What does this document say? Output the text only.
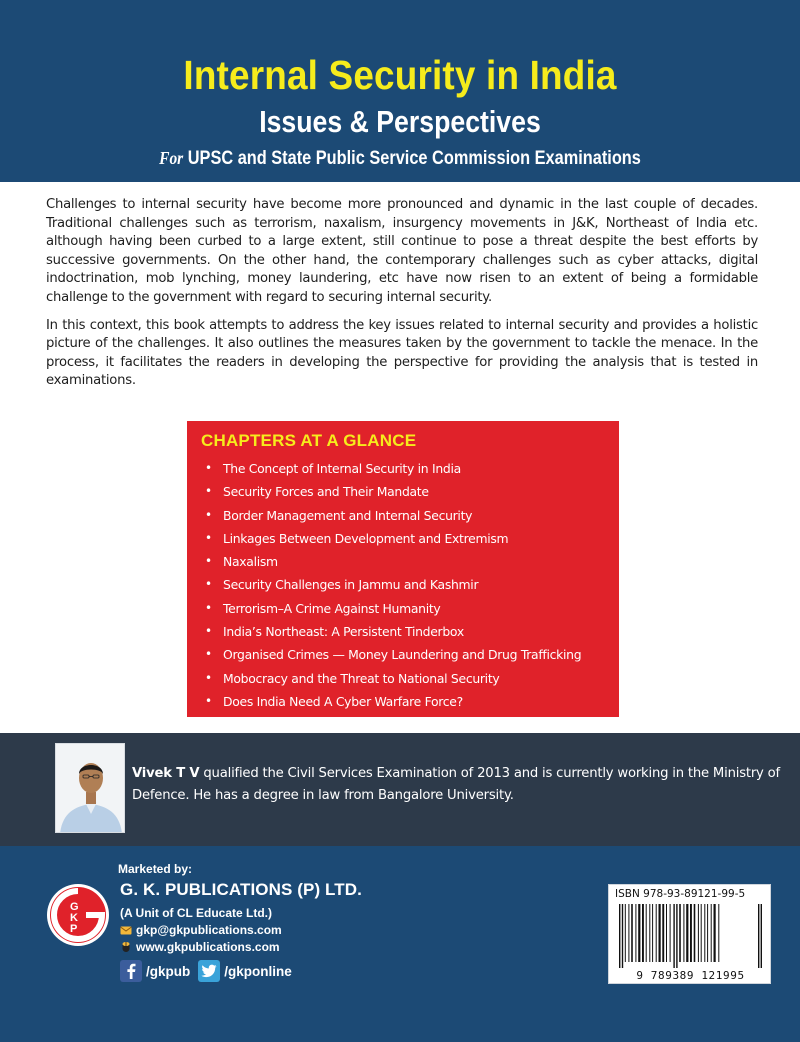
Internal Security in India
Issues & Perspectives
For UPSC and State Public Service Commission Examinations

Challenges to internal security have become more pronounced and dynamic in the last couple of decades. Traditional challenges such as terrorism, naxalism, insurgency movements in J&K, Northeast of India etc. although having been curbed to a large extent, still continue to pose a threat despite the best efforts by successive governments. On the other hand, the contemporary challenges such as cyber attacks, digital indoctrination, mob lynching, money laundering, etc have now risen to an extent of being a formidable challenge to the government with regard to securing internal security.

In this context, this book attempts to address the key issues related to internal security and provides a holistic picture of the challenges. It also outlines the measures taken by the government to tackle the menace. In the process, it facilitates the readers in developing the perspective for providing the analysis that is tested in examinations.

CHAPTERS AT A GLANCE
• The Concept of Internal Security in India
• Security Forces and Their Mandate
• Border Management and Internal Security
• Linkages Between Development and Extremism
• Naxalism
• Security Challenges in Jammu and Kashmir
• Terrorism–A Crime Against Humanity
• India’s Northeast: A Persistent Tinderbox
• Organised Crimes — Money Laundering and Drug Trafficking
• Mobocracy and the Threat to National Security
• Does India Need A Cyber Warfare Force?
Vivek T V qualified the Civil Services Examination of 2013 and is currently working in the Ministry of Defence. He has a degree in law from Bangalore University.
G
K
P
Marketed by:
G. K. PUBLICATIONS (P) LTD.
(A Unit of CL Educate Ltd.)
gkp@gkpublications.com
www.gkpublications.com
/gkpub	/gkponline
ISBN 978-93-89121-99-5
9 789389 121995
